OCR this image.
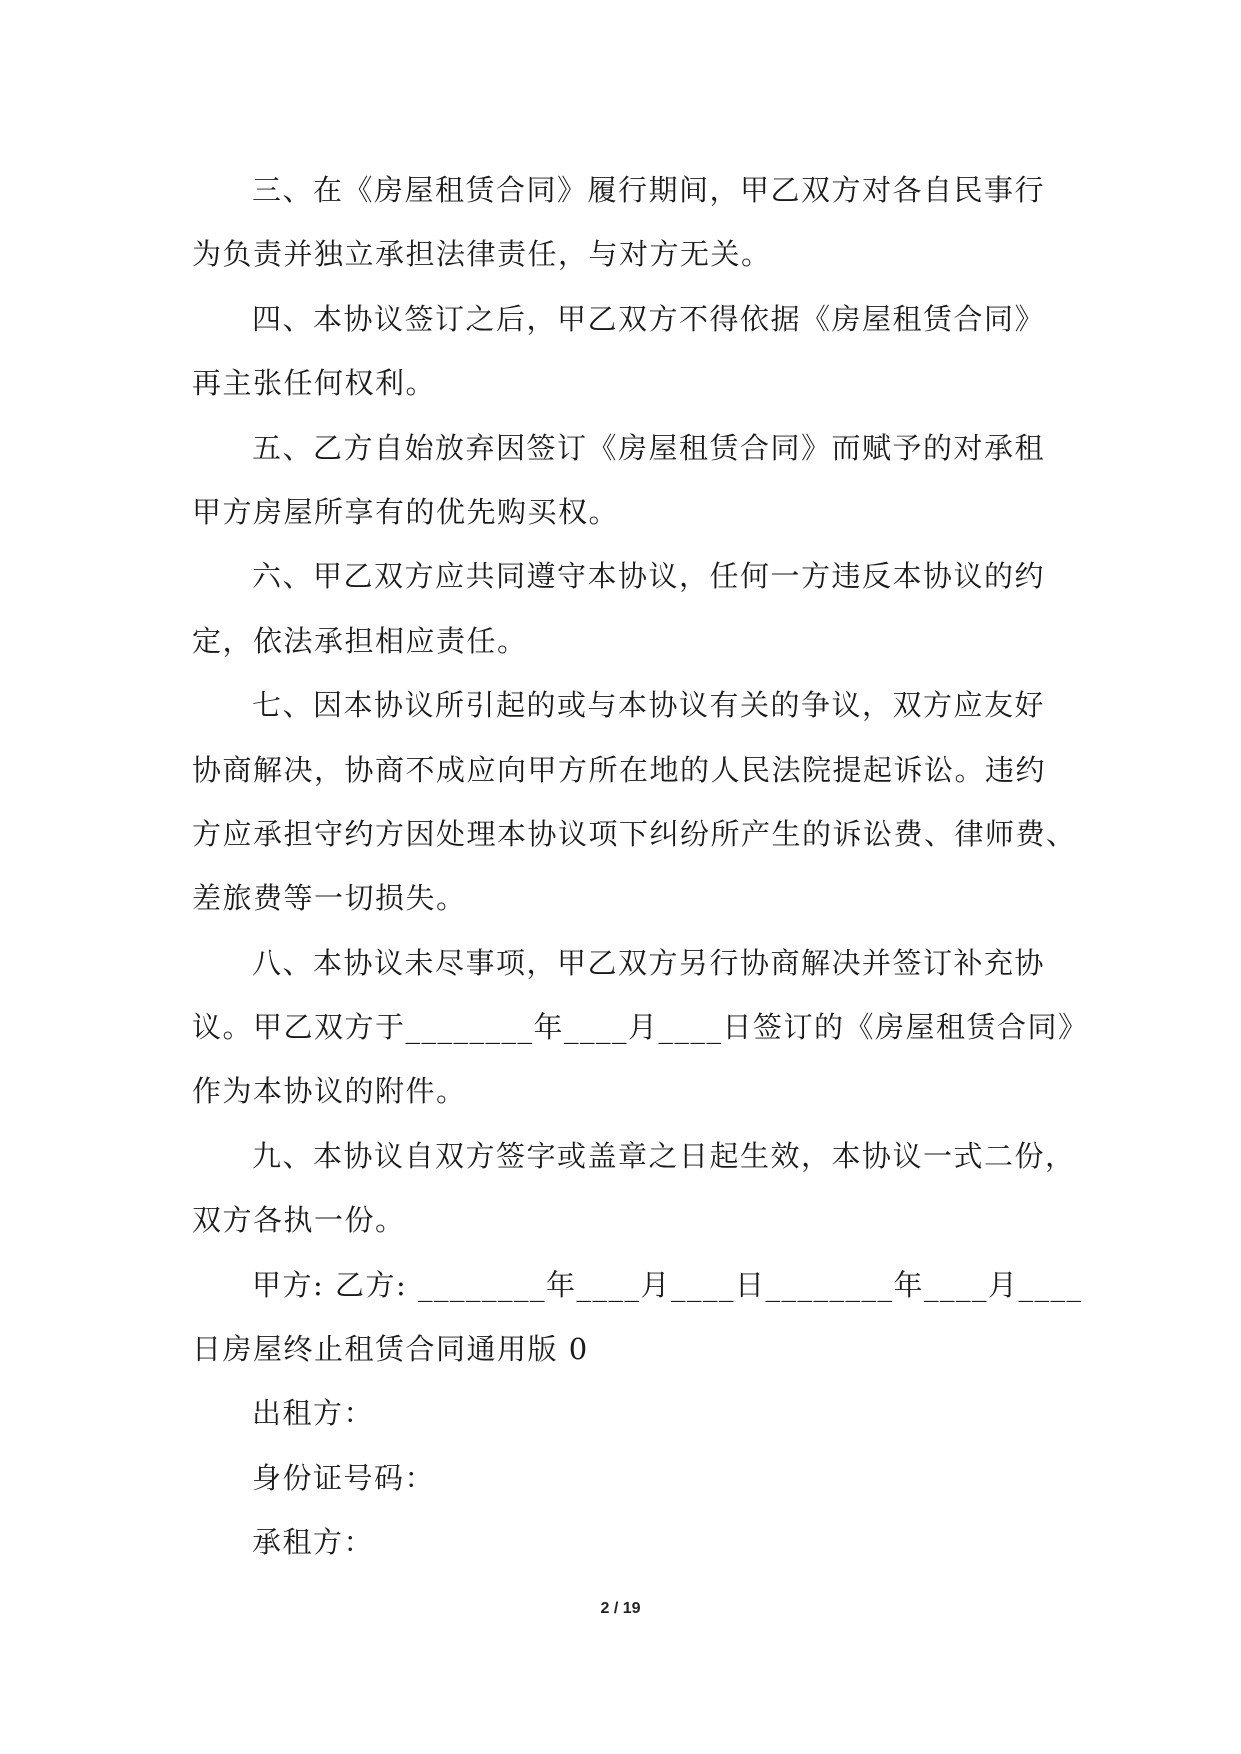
三、在《房屋租赁合同》履行期间，甲乙双方对各自民事行
为负责并独立承担法律责任，与对方无关。
四、本协议签订之后，甲乙双方不得依据《房屋租赁合同》
再主张任何权利。
五、乙方自始放弃因签订《房屋租赁合同》而赋予的对承租
甲方房屋所享有的优先购买权。
六、甲乙双方应共同遵守本协议，任何一方违反本协议的约
定，依法承担相应责任。
七、因本协议所引起的或与本协议有关的争议，双方应友好
协商解决，协商不成应向甲方所在地的人民法院提起诉讼。违约
方应承担守约方因处理本协议项下纠纷所产生的诉讼费、律师费、
差旅费等一切损失。
八、本协议未尽事项，甲乙双方另行协商解决并签订补充协
议。甲乙双方于________年____月____日签订的《房屋租赁合同》
作为本协议的附件。
九、本协议自双方签字或盖章之日起生效，本协议一式二份，
双方各执一份。
甲方: 乙方: ________年____月____日________年____月____
日房屋终止租赁合同通用版 0
出租方：
身份证号码：
承租方：
2 / 19
